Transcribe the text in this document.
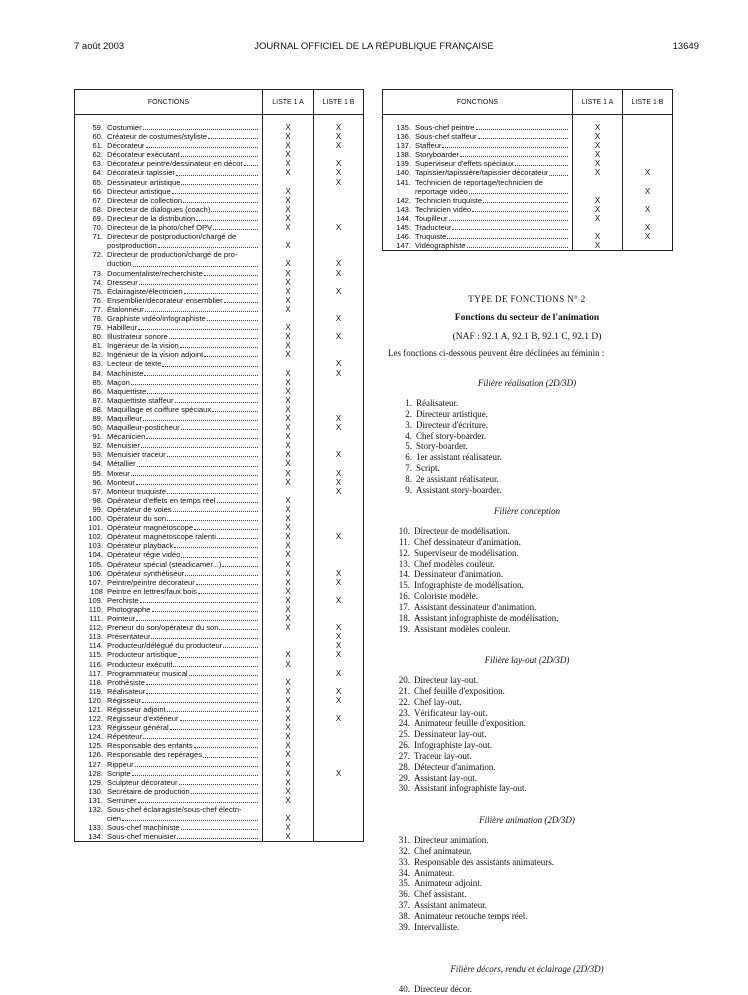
7 août 2003	JOURNAL OFFICIEL DE LA RÉPUBLIQUE FRANÇAISE	13649
FONCTIONS	LISTE 1 A	LISTE 1 B

59. Costumier	X	X

60. Créateur de costumes/styliste	X	X

61. Décorateur	X	X

62. Décorateur exécutant	X	

63. Décorateur peintre/dessinateur en décor	X	X

64. Décorateur tapissier	X	X

65. Dessinateur artistique		X

66. Directeur artistique	X	

67. Directeur de collection	X	

68. Directeur de dialogues (coach)	X	

69. Directeur de la distribution	X	

70. Directeur de la photo/chef OPV	X	X

71. Directeur de postproduction/chargé de		

postproduction	X	

72. Directeur de production/chargé de pro-		

duction	X	X

73. Documentaliste/recherchiste	X	X

74. Dresseur	X	

75. Éclairagiste/électricien	X	X

76. Ensemblier/décorateur ensemblier	X	

77. Étalonneur	X	

78. Graphiste vidéo/infographiste		X

79. Habilleur	X	

80. Illustrateur sonore	X	X

81. Ingénieur de la vision	X	

82. Ingénieur de la vision adjoint	X	

83. Lecteur de texte		X

84. Machiniste	X	X

85. Maçon	X	

86. Maquettiste	X	

87. Maquettiste staffeur	X	

88. Maquillage et coiffure spéciaux	X	

89. Maquilleur	X	X

90. Maquilleur-posticheur	X	X

91. Mécanicien	X	

92. Menuisier	X	

93. Menuisier traceur	X	X

94. Métallier	X	

95. Mixeur	X	X

96. Monteur	X	X

97. Monteur truquiste		X

98. Opérateur d'effets en temps réel	X	

99. Opérateur de voies	X	

100. Opérateur du son	X	

101. Opérateur magnétoscope	X	

102. Opérateur magnétoscope ralenti	X	X

103. Opérateur playback	X	

104. Opérateur régie vidéo	X	

105. Opérateur spécial (steadicamer...)	X	

106. Opérateur synthétiseur	X	X

107. Peintre/peintre décorateur	X	X

108 Peintre en lettres/faux bois	X	

109. Perchiste	X	X

110. Photographe	X	

111. Pointeur	X	

112. Preneur du son/opérateur du son	X	X

113. Présentateur		X

114. Producteur/délégué du producteur		X

115. Producteur artistique	X	X

116. Producteur exécutif	X	

117. Programmateur musical		X

118. Prothésiste	X	

119. Réalisateur	X	X

120. Régisseur	X	X

121. Régisseur adjoint	X	

122. Régisseur d'extérieur	X	X

123. Régisseur général	X	

124. Répétiteur	X	

125. Responsable des enfants	X	

126. Responsable des repérages	X	

127. Rippeur	X	

128. Scripte	X	X

129. Sculpteur décorateur	X	

130. Secrétaire de production	X	

131. Serruner	X	

132. Sous-chef éclairagiste/sous-chef électri-		

cien	X	

133. Sous-chef machiniste	X	

134. Sous-chef menuisier	X	
FONCTIONS	LISTE 1 A	LISTE 1 B

135. Sous-chef peintre	X	

136. Sous-chef staffeur	X	

137. Staffeur	X	

138. Storyboarder	X	

139. Superviseur d'effets spéciaux	X	

140. Tapissier/tapissière/tapissier décorateur	X	X

141. Technicien de reportage/technicien de		

reportage vidéo		X

142. Technicien truquiste	X	

143. Technicien vidéo	X	X

144. Toupilleur	X	

145. Traducteur		X

146. Truquiste	X	X

147. Vidéographiste	X	
TYPE DE FONCTIONS N° 2
Fonctions du secteur de l'animation
(NAF : 92.1 A, 92.1 B, 92.1 C, 92.1 D)
Les fonctions ci-dessous peuvent être déclinées au féminin :
Filière réalisation (2D/3D)
1. Réalisateur.
2. Directeur artistique.
3. Directeur d'écriture.
4. Chef story-boarder.
5. Story-boarder.
6. 1er assistant réalisateur.
7. Script.
8. 2e assistant réalisateur.
9. Assistant story-boarder.
Filière conception
10. Directeur de modélisation.
11. Chef dessinateur d'animation.
12. Superviseur de modélisation.
13. Chef modèles couleur.
14. Dessinateur d'animation.
15. Infographiste de modélisation.
16. Coloriste modèle.
17. Assistant dessinateur d'animation.
18. Assistant infographiste de modélisation.
19. Assistant modèles couleur.
Filière lay-out (2D/3D)
20. Directeur lay-out.
21. Chef feuille d'exposition.
22. Chef lay-out.
23. Vérificateur lay-out.
24. Animateur feuille d'exposition.
25. Dessinateur lay-out.
26. Infographiste lay-out.
27. Traceur lay-out.
28. Détecteur d'animation.
29. Assistant lay-out.
30. Assistant infographiste lay-out.
Filière animation (2D/3D)
31. Directeur animation.
32. Chef animateur.
33. Responsable des assistants animateurs.
34. Animateur.
35. Animateur adjoint.
36. Chef assistant.
37. Assistant animateur.
38. Animateur retouche temps réel.
39. Intervalliste.
Filière décors, rendu et éclairage (2D/3D)
40. Directeur décor.
